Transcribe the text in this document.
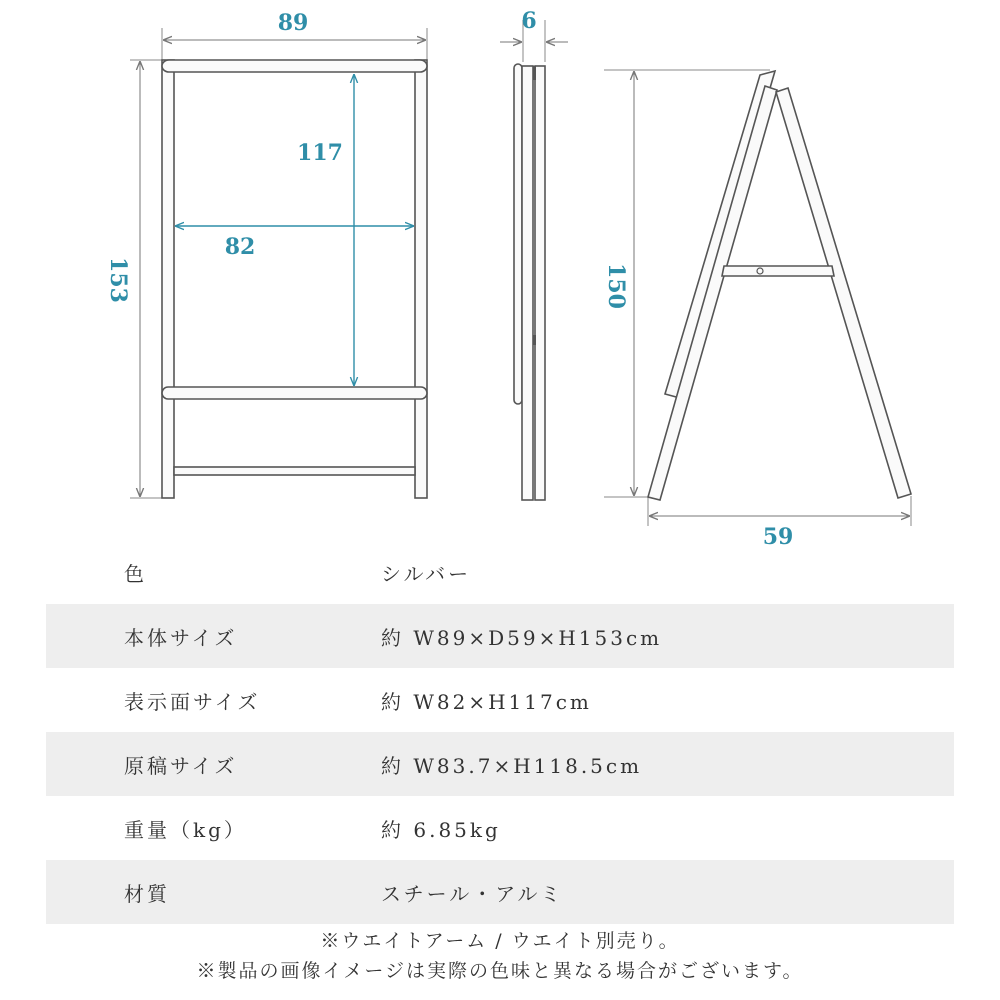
89
153
117
82
6
150
59
色	シルバー
本体サイズ	約 W89×D59×H153cm
表示面サイズ	約 W82×H117cm
原稿サイズ	約 W83.7×H118.5cm
重量（kg）	約 6.85kg
材質	スチール・アルミ
※ウエイトアーム / ウエイト別売り。
※製品の画像イメージは実際の色味と異なる場合がございます。
